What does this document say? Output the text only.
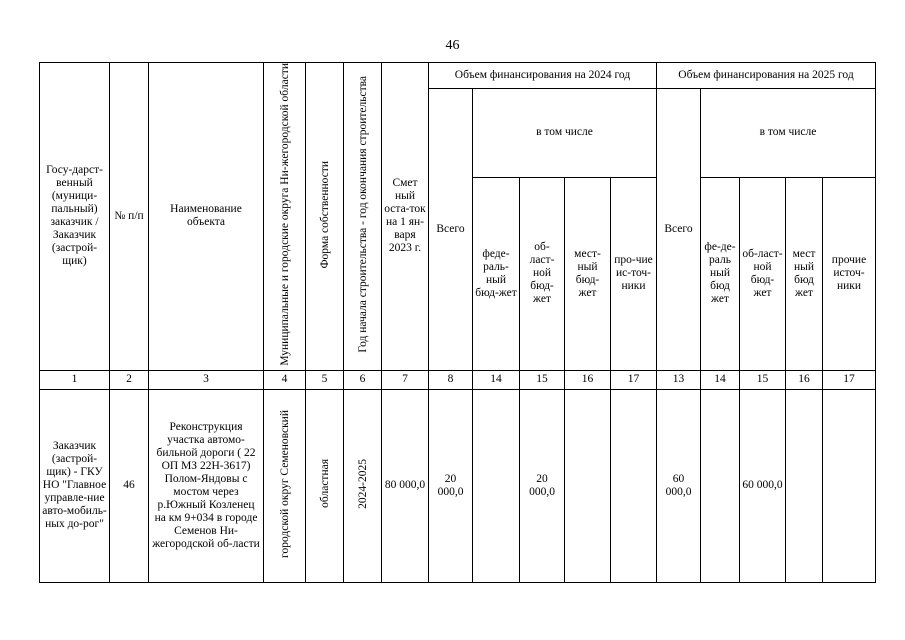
46
Госу-дарст-венный (муници-пальный) заказчик / Заказчик (застрой-щик)	№ п/п	Наименование объекта	Муниципальные и городские округа Ни-жегородской области	Форма собственности	Год начала строительства - год окончания строительства	Смет ный оста-ток на 1 ян-варя 2023 г.	Объем финансирования на 2024 год					Объем финансирования на 2025 год				
							Всего	в том числе				Всего	в том числе			
								феде-раль-ный бюд-жет	об-ласт-ной бюд-жет	мест-ный бюд-жет	про-чие ис-точ-ники		фе-де-раль ный бюд жет	об-ласт-ной бюд-жет	мест ный бюд жет	прочие источ-ники
1	2	3	4	5	6	7	8	14	15	16	17	13	14	15	16	17
Заказчик (застрой-щик) - ГКУ НО "Главное управле-ние авто-мобиль-ных до-рог"	46	Реконструкция участка автомо-бильной дороги ( 22 ОП МЗ 22Н-3617) Полом-Яндовы с мостом через р.Южный Козленец на км 9+034 в городе Семенов Ни-жегородской об-ласти	городской округ Семеновский	областная	2024-2025	80 000,0	20 000,0		20 000,0			60 000,0		60 000,0		
